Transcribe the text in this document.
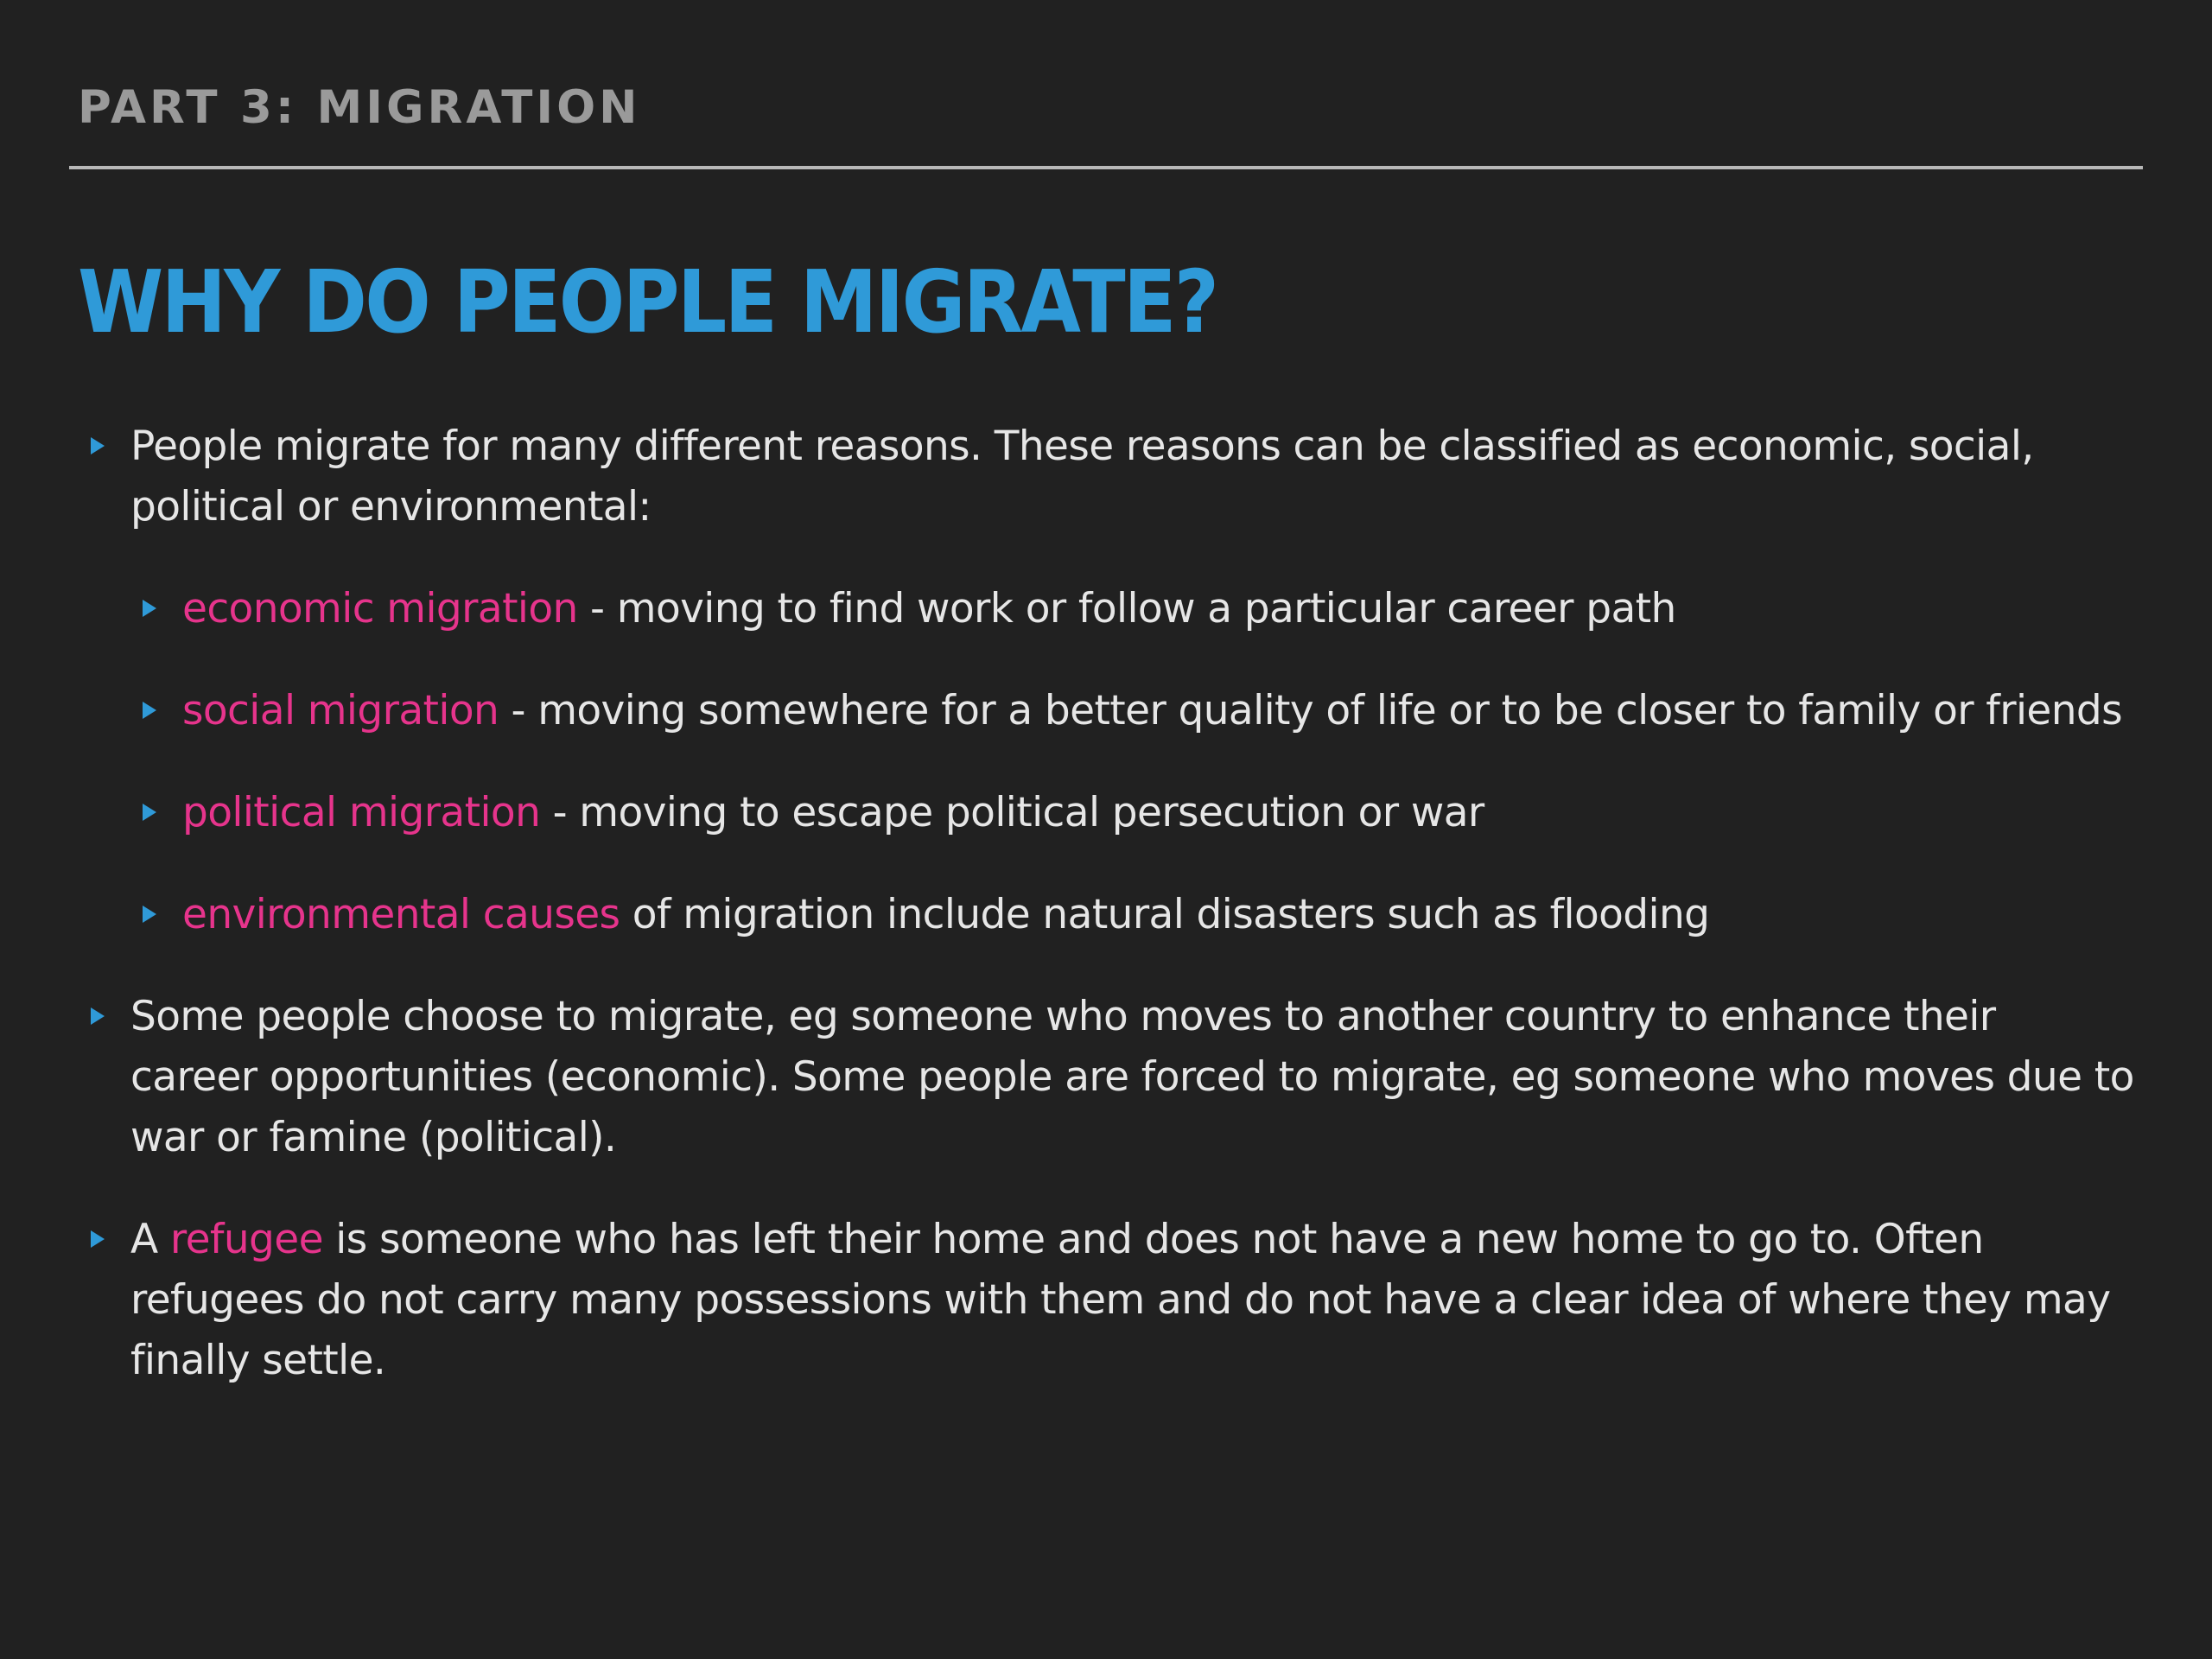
PART 3: MIGRATION
WHY DO PEOPLE MIGRATE?
People migrate for many different reasons. These reasons can be classified as economic, social, political or environmental:
economic migration - moving to find work or follow a particular career path
social migration - moving somewhere for a better quality of life or to be closer to family or friends
political migration - moving to escape political persecution or war
environmental causes of migration include natural disasters such as flooding
Some people choose to migrate, eg someone who moves to another country to enhance their career opportunities (economic). Some people are forced to migrate, eg someone who moves due to war or famine (political).
A refugee is someone who has left their home and does not have a new home to go to. Often refugees do not carry many possessions with them and do not have a clear idea of where they may finally settle.
